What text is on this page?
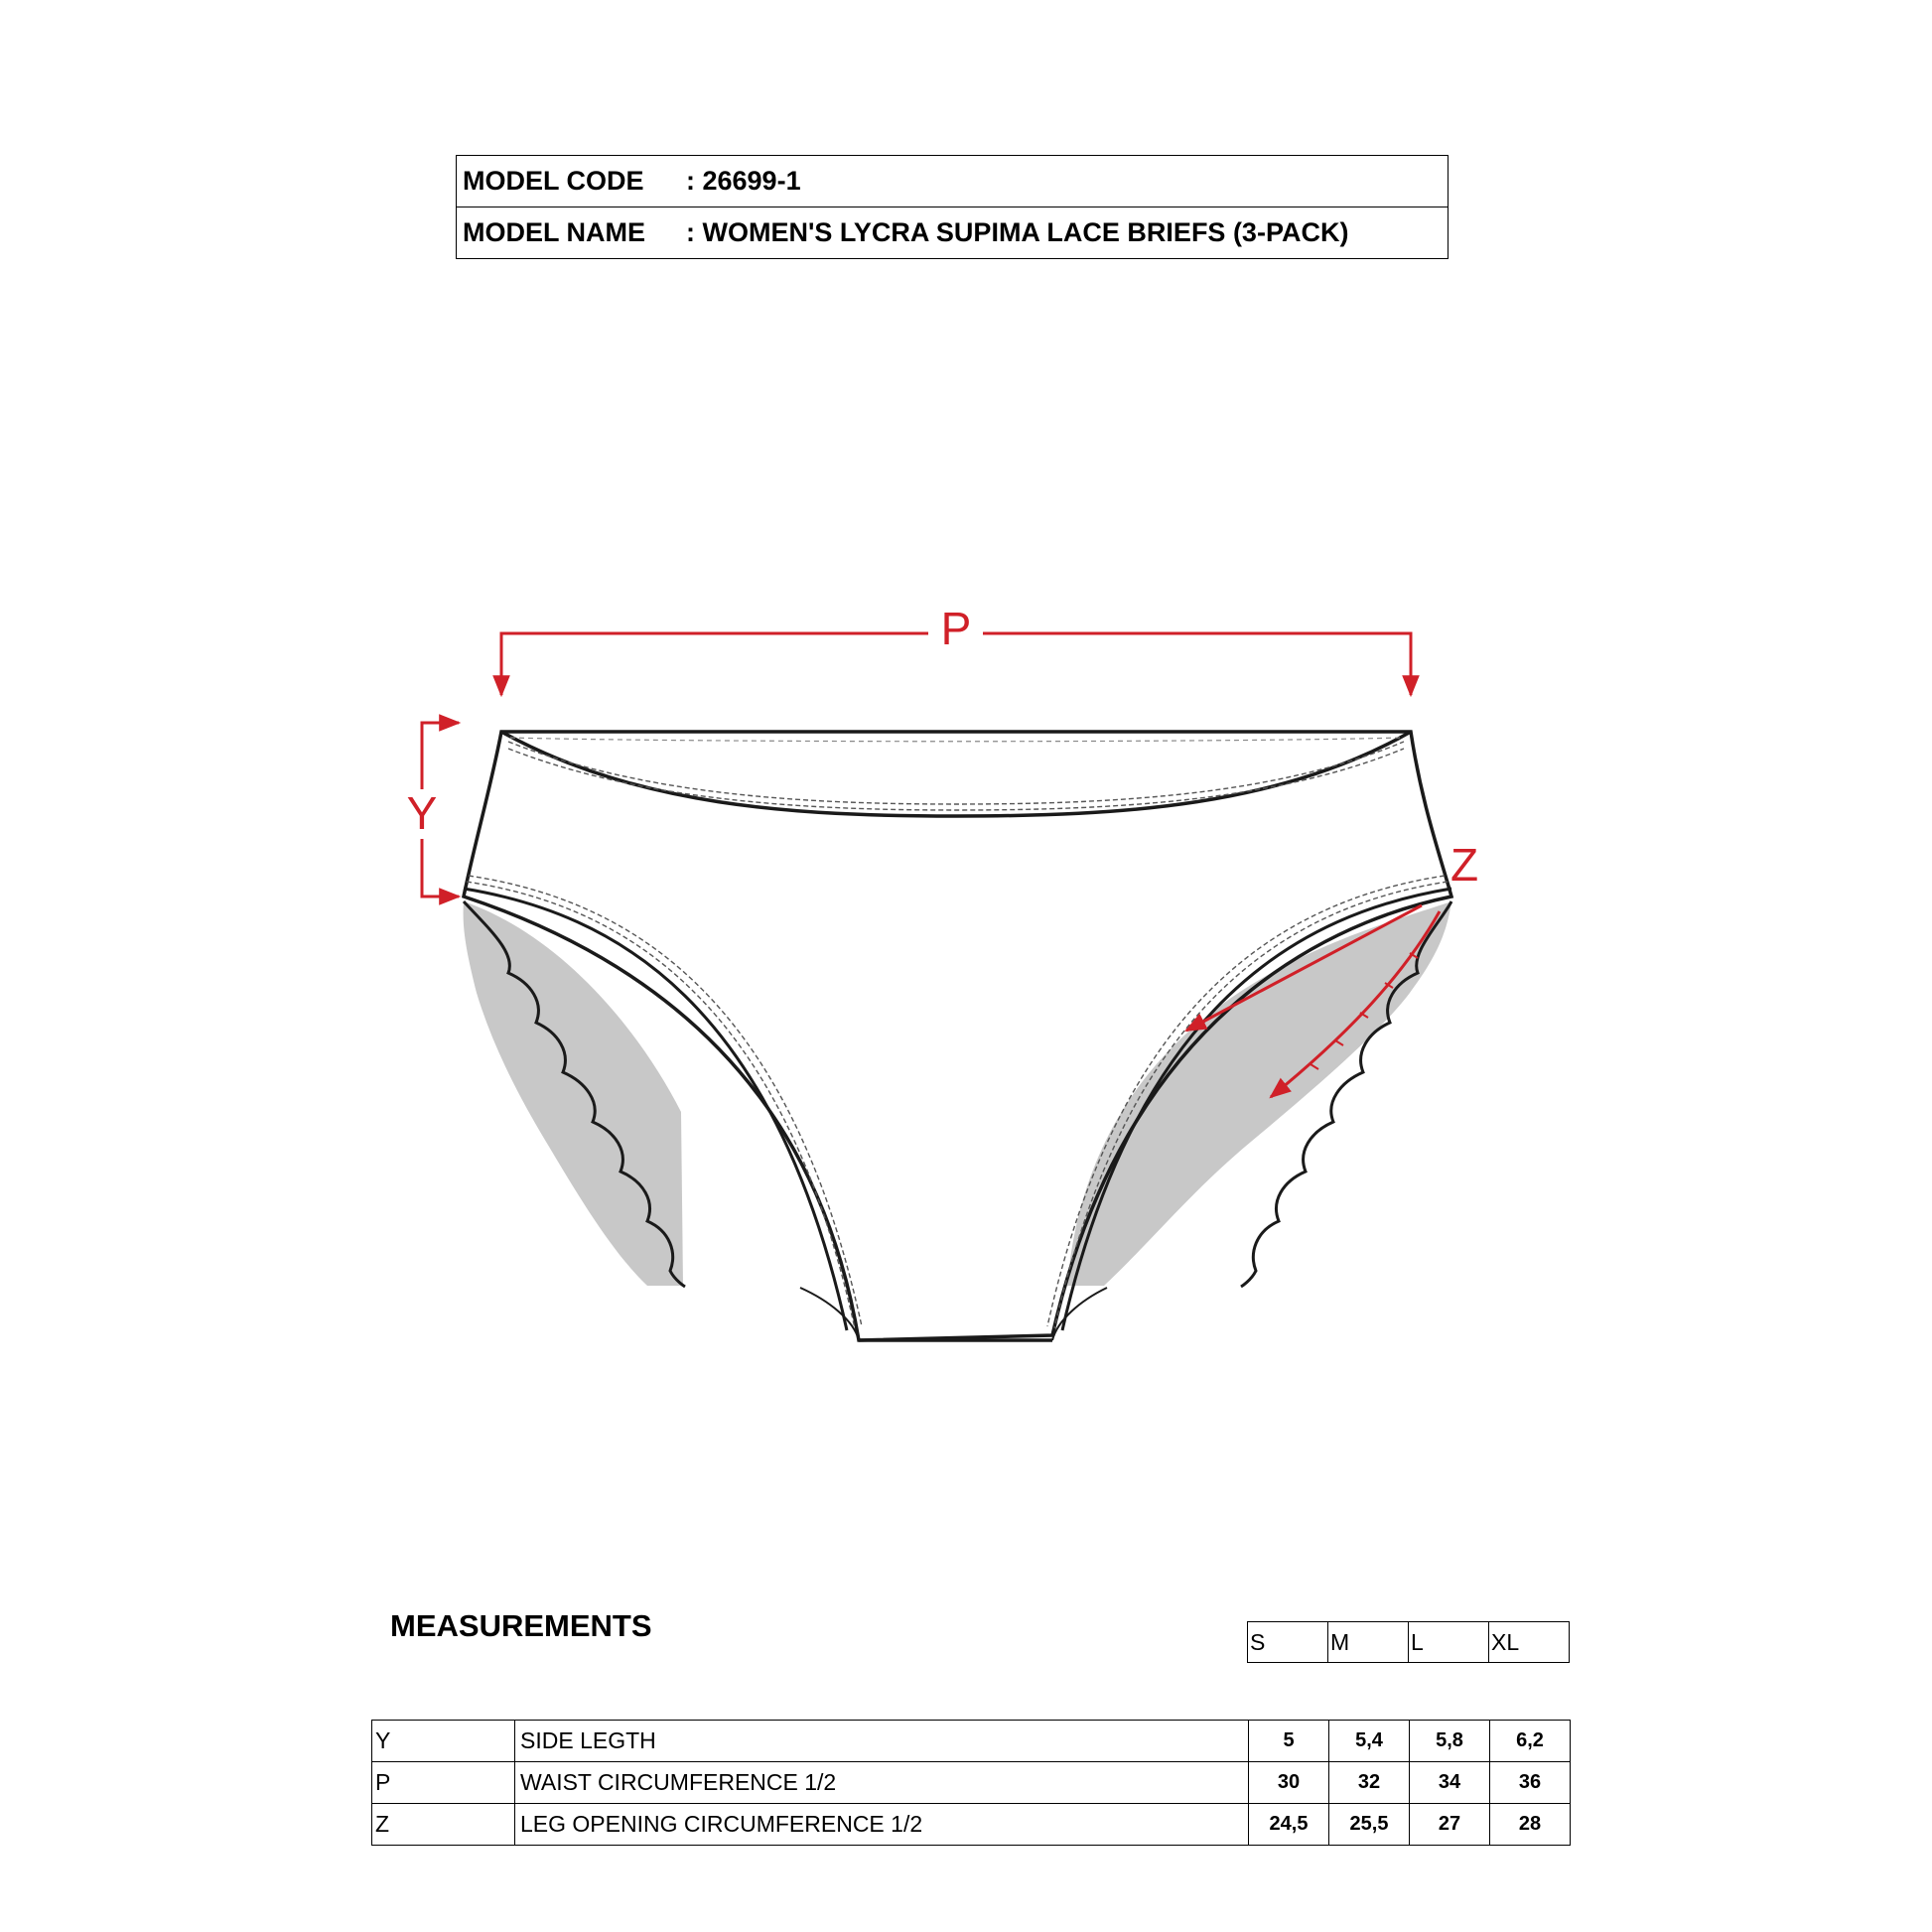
MODEL CODE : 26699-1
MODEL NAME : WOMEN'S LYCRA SUPIMA LACE BRIEFS (3-PACK)
P
Y
Z
MEASUREMENTS	S	M	L	XL
Y	SIDE LEGTH	5	5,4	5,8	6,2
P	WAIST CIRCUMFERENCE 1/2	30	32	34	36
Z	LEG OPENING CIRCUMFERENCE 1/2	24,5	25,5	27	28
